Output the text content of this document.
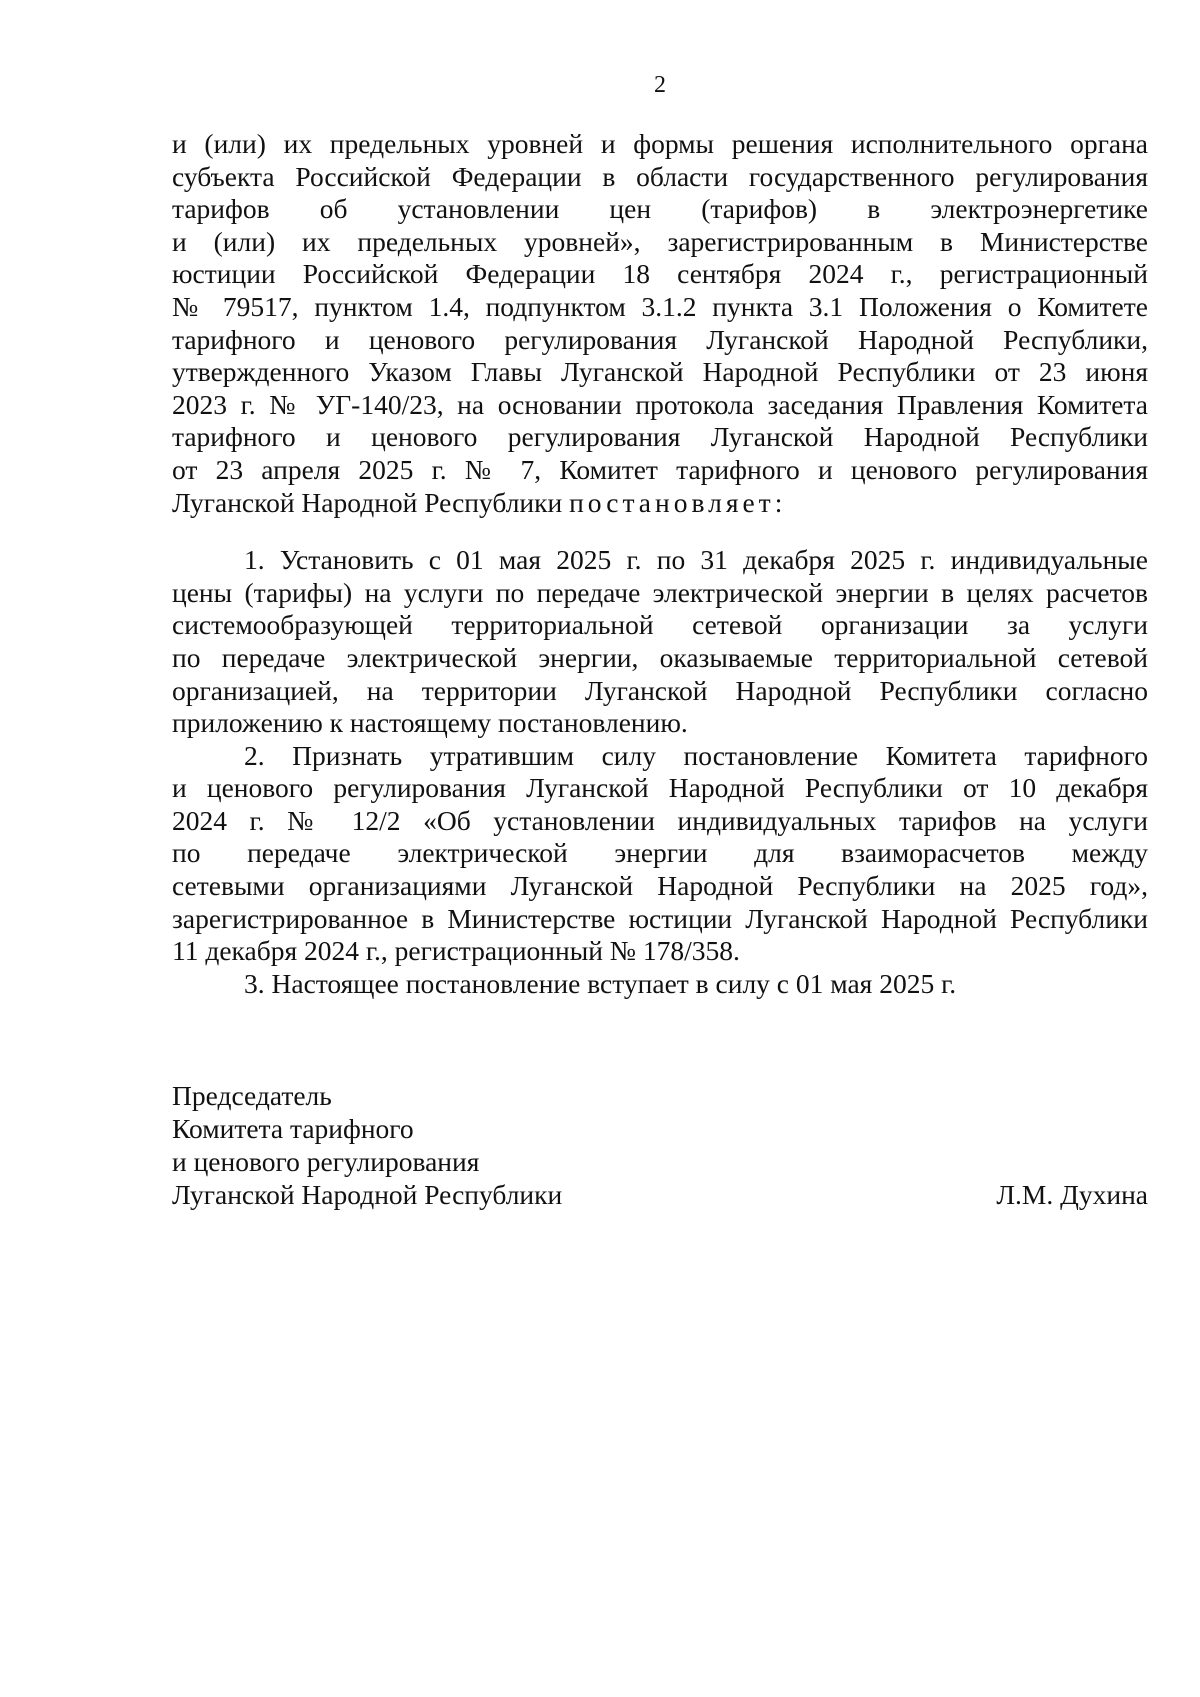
2
и (или) их предельных уровней и формы решения исполнительного органа
субъекта Российской Федерации в области государственного регулирования
тарифов об установлении цен (тарифов) в электроэнергетике
и (или) их предельных уровней», зарегистрированным в Министерстве
юстиции Российской Федерации 18 сентября 2024 г., регистрационный
№ 79517, пунктом 1.4, подпунктом 3.1.2 пункта 3.1 Положения о Комитете
тарифного и ценового регулирования Луганской Народной Республики,
утвержденного Указом Главы Луганской Народной Республики от 23 июня
2023 г. № УГ-140/23, на основании протокола заседания Правления Комитета
тарифного и ценового регулирования Луганской Народной Республики
от 23 апреля 2025 г. № 7, Комитет тарифного и ценового регулирования
Луганской Народной Республики постановляет:
1. Установить с 01 мая 2025 г. по 31 декабря 2025 г. индивидуальные
цены (тарифы) на услуги по передаче электрической энергии в целях расчетов
системообразующей территориальной сетевой организации за услуги
по передаче электрической энергии, оказываемые территориальной сетевой
организацией, на территории Луганской Народной Республики согласно
приложению к настоящему постановлению.
2. Признать утратившим силу постановление Комитета тарифного
и ценового регулирования Луганской Народной Республики от 10 декабря
2024 г. № 12/2 «Об установлении индивидуальных тарифов на услуги
по передаче электрической энергии для взаиморасчетов между
сетевыми организациями Луганской Народной Республики на 2025 год»,
зарегистрированное в Министерстве юстиции Луганской Народной Республики
11 декабря 2024 г., регистрационный № 178/358.
3. Настоящее постановление вступает в силу с 01 мая 2025 г.
Председатель
Комитета тарифного
и ценового регулирования
Луганской Народной Республики	Л.М. Духина
